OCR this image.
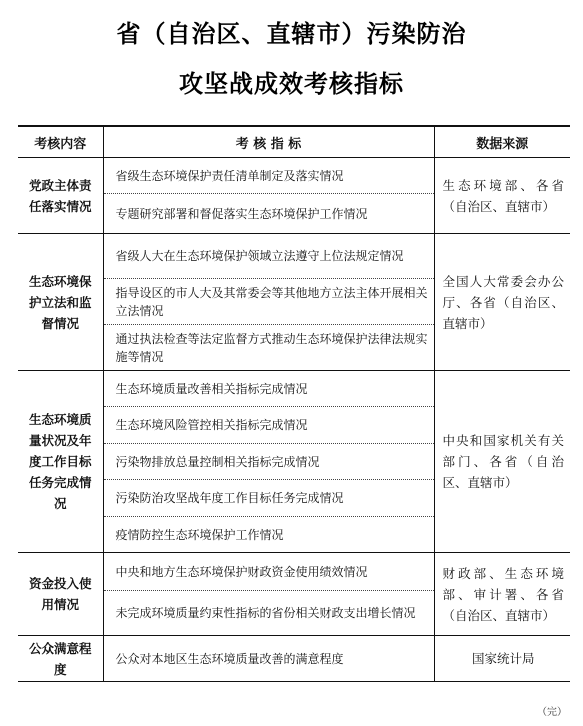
省（自治区、直辖市）污染防治
攻坚战成效考核指标
考核内容	考 核 指 标	数据来源
党政主体责任落实情况	省级生态环境保护责任清单制定及落实情况	生态环境部、各省（自治区、直辖市）
	专题研究部署和督促落实生态环境保护工作情况	
生态环境保护立法和监督情况	省级人大在生态环境保护领域立法遵守上位法规定情况	全国人大常委会办公厅、各省（自治区、直辖市）
	指导设区的市人大及其常委会等其他地方立法主体开展相关立法情况	
	通过执法检查等法定监督方式推动生态环境保护法律法规实施等情况	
生态环境质量状况及年度工作目标任务完成情况	生态环境质量改善相关指标完成情况	中央和国家机关有关部门、各省（自治区、直辖市）
	生态环境风险管控相关指标完成情况	
	污染物排放总量控制相关指标完成情况	
	污染防治攻坚战年度工作目标任务完成情况	
	疫情防控生态环境保护工作情况	
资金投入使用情况	中央和地方生态环境保护财政资金使用绩效情况	财政部、生态环境部、审计署、各省（自治区、直辖市）
	未完成环境质量约束性指标的省份相关财政支出增长情况	
公众满意程度	公众对本地区生态环境质量改善的满意程度	国家统计局
（完）
